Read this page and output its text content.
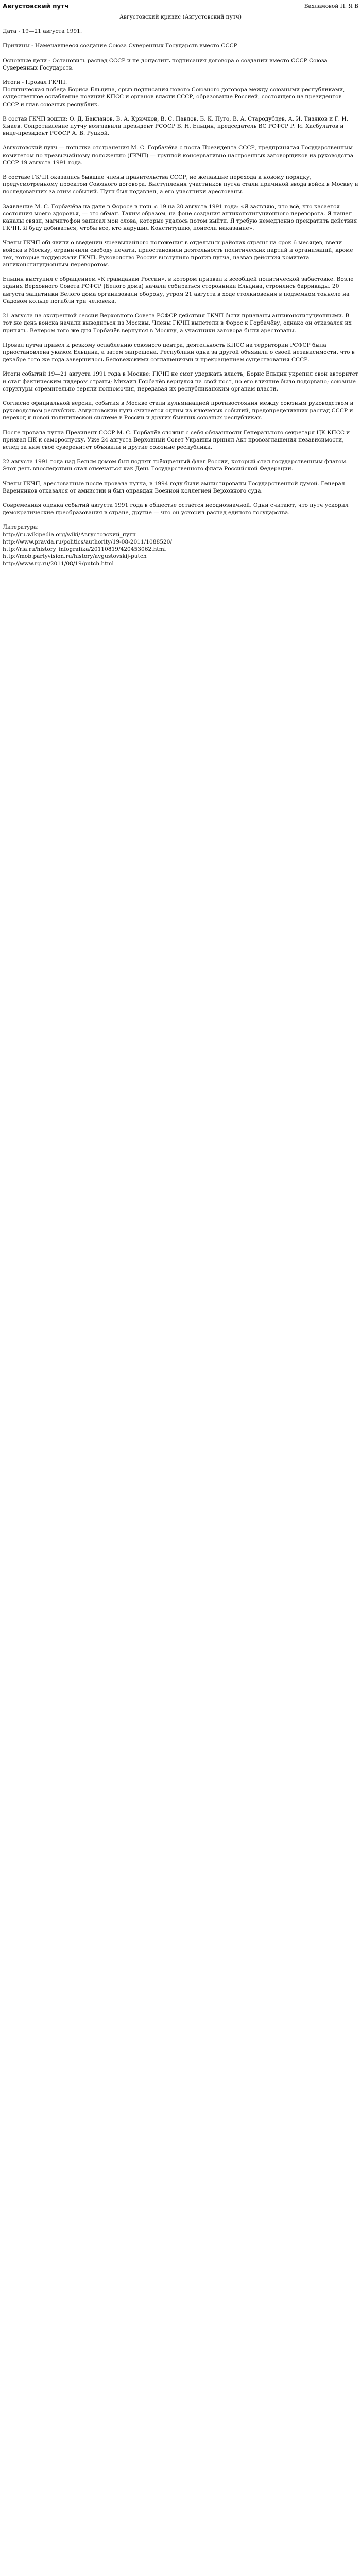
Августовский путч	Бахламовой П. Я В

Августовский кризис (Августовский путч)

Дата - 19—21 августа 1991.

Причины - Намечавшееся создание Союза Суверенных Государств вместо СССР

Основные цели - Остановить распад СССР и не допустить подписания договора о создании вместо СССР Союза Суверенных Государств.

Итоги - Провал ГКЧП.
Политическая победа Бориса Ельцина, срыв подписания нового Союзного договора между союзными республиками, существенное ослабление позиций КПСС и органов власти СССР, образование Россией, состоящего из президентов СССР и глав союзных республик.

В состав ГКЧП вошли: О. Д. Бакланов, В. А. Крючков, В. С. Павлов, Б. К. Пуго, В. А. Стародубцев, А. И. Тизяков и Г. И. Янаев. Сопротивление путчу возглавили президент РСФСР Б. Н. Ельцин, председатель ВС РСФСР Р. И. Хасбулатов и вице-президент РСФСР А. В. Руцкой.

Августовский путч — попытка отстранения М. С. Горбачёва с поста Президента СССР, предпринятая Государственным комитетом по чрезвычайному положению (ГКЧП) — группой консервативно настроенных заговорщиков из руководства СССР 19 августа 1991 года.

В составе ГКЧП оказались бывшие члены правительства СССР, не желавшие перехода к новому порядку, предусмотренному проектом Союзного договора. Выступления участников путча стали причиной ввода войск в Москву и последовавших за этим событий. Путч был подавлен, а его участники арестованы.

Заявление М. С. Горбачёва на даче в Форосе в ночь с 19 на 20 августа 1991 года: «Я заявляю, что всё, что касается состояния моего здоровья, — это обман. Таким образом, на фоне создания антиконституционного переворота. Я нашел каналы связи, магнитофон записал мои слова, которые удалось потом выйти. Я требую немедленно прекратить действия ГКЧП. Я буду добиваться, чтобы все, кто нарушил Конституцию, понесли наказание».

Члены ГКЧП объявили о введении чрезвычайного положения в отдельных районах страны на срок 6 месяцев, ввели войска в Москву, ограничили свободу печати, приостановили деятельность политических партий и организаций, кроме тех, которые поддержали ГКЧП. Руководство России выступило против путча, назвав действия комитета антиконституционным переворотом.

Ельцин выступил с обращением «К гражданам России», в котором призвал к всеобщей политической забастовке. Возле здания Верховного Совета РСФСР (Белого дома) начали собираться сторонники Ельцина, строились баррикады. 20 августа защитники Белого дома организовали оборону, утром 21 августа в ходе столкновения в подземном тоннеле на Садовом кольце погибли три человека.

21 августа на экстренной сессии Верховного Совета РСФСР действия ГКЧП были признаны антиконституционными. В тот же день войска начали выводиться из Москвы. Члены ГКЧП вылетели в Форос к Горбачёву, однако он отказался их принять. Вечером того же дня Горбачёв вернулся в Москву, а участники заговора были арестованы.

Провал путча привёл к резкому ослаблению союзного центра, деятельность КПСС на территории РСФСР была приостановлена указом Ельцина, а затем запрещена. Республики одна за другой объявили о своей независимости, что в декабре того же года завершилось Беловежскими соглашениями и прекращением существования СССР.

Итоги событий 19—21 августа 1991 года в Москве: ГКЧП не смог удержать власть; Борис Ельцин укрепил свой авторитет и стал фактическим лидером страны; Михаил Горбачёв вернулся на свой пост, но его влияние было подорвано; союзные структуры стремительно теряли полномочия, передавая их республиканским органам власти.

Согласно официальной версии, события в Москве стали кульминацией противостояния между союзным руководством и руководством республик. Августовский путч считается одним из ключевых событий, предопределивших распад СССР и переход к новой политической системе в России и других бывших союзных республиках.

После провала путча Президент СССР М. С. Горбачёв сложил с себя обязанности Генерального секретаря ЦК КПСС и призвал ЦК к самороспуску. Уже 24 августа Верховный Совет Украины принял Акт провозглашения независимости, вслед за ним своё суверенитет объявили и другие союзные республики.

22 августа 1991 года над Белым домом был поднят трёхцветный флаг России, который стал государственным флагом. Этот день впоследствии стал отмечаться как День Государственного флага Российской Федерации.

Члены ГКЧП, арестованные после провала путча, в 1994 году были амнистированы Государственной думой. Генерал Варенников отказался от амнистии и был оправдан Военной коллегией Верховного суда.

Современная оценка событий августа 1991 года в обществе остаётся неоднозначной. Одни считают, что путч ускорил демократические преобразования в стране, другие — что он ускорил распад единого государства.

Литература:

http://ru.wikipedia.org/wiki/Августовский_путч
http://www.pravda.ru/politics/authority/19-08-2011/1088520/
http://ria.ru/history_infografika/20110819/420453062.html
http://mob.partyvision.ru/history/avgustovskij-putch
http://www.rg.ru/2011/08/19/putch.html
